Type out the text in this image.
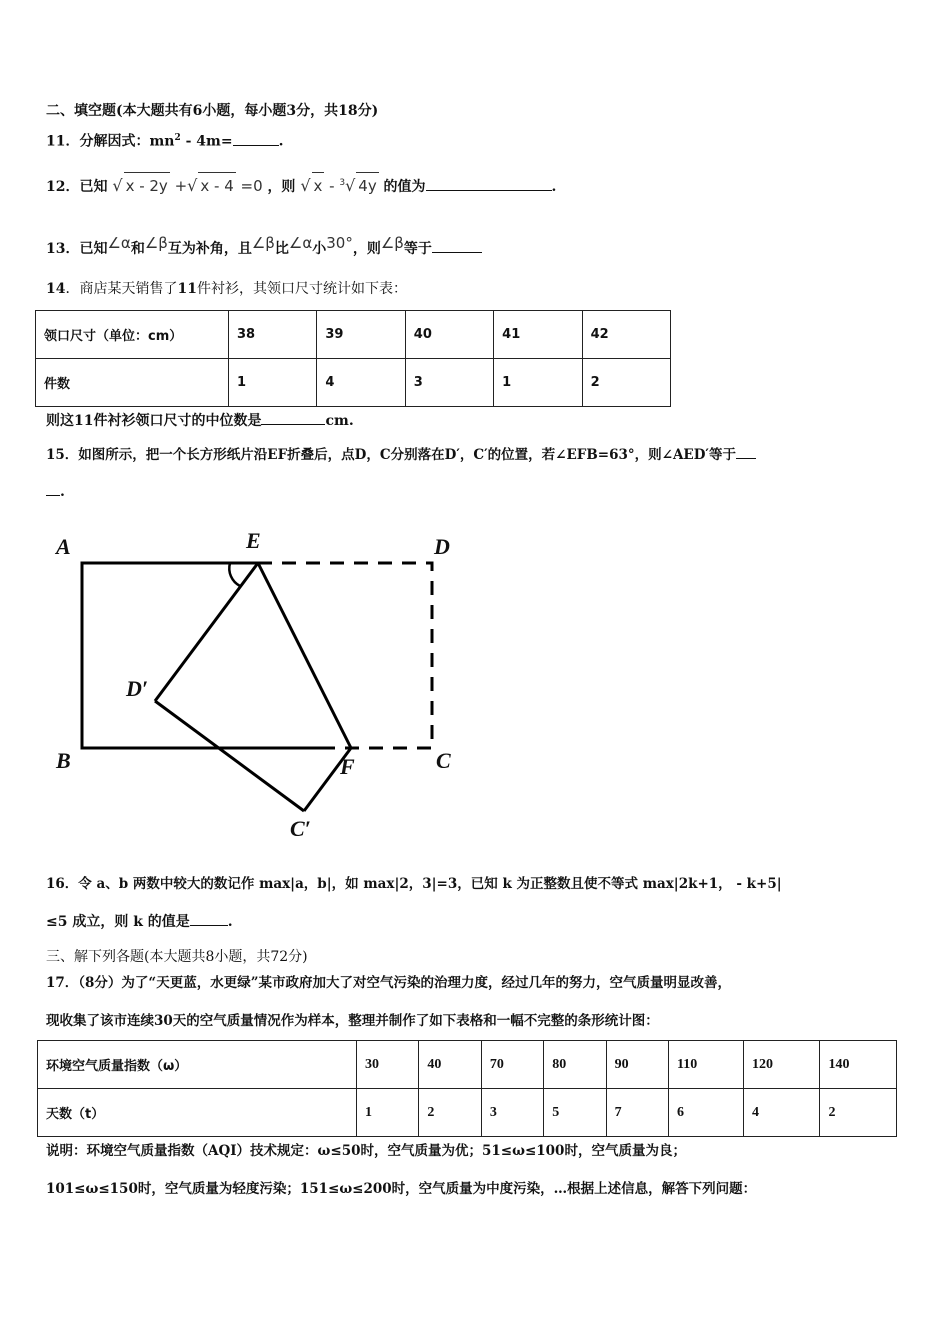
二、填空题(本大题共有6小题，每小题3分，共18分)
11．分解因式：$mn^2 - 4m=$	.
12．已知 √ x - 2y +√ x - 4 =0 ，则 √ x - $^3$√ 4y 的值为	.
13．已知∠α和∠β互为补角，且∠β比∠α小30°，则∠β等于
14．商店某天销售了11件衬衫，其领口尺寸统计如下表：
领口尺寸（单位：cm）	38	39	40	41	42
件数	1	4	3	1	2
则这11件衬衫领口尺寸的中位数是	cm.
15．如图所示，把一个长方形纸片沿EF折叠后，点D，C分别落在D′，C′的位置，若∠EFB=63°，则∠AED′等于
.
A	E	D
D′
B	F	C
C′
16．令 a、b 两数中较大的数记作 max|a，b|，如 max|2，3|=3，已知 k 为正整数且使不等式 max|2k+1， - k+5|
≤5 成立，则 k 的值是	.
三、解下列各题(本大题共8小题，共72分)
17．（8分）为了“天更蓝，水更绿”某市政府加大了对空气污染的治理力度，经过几年的努力，空气质量明显改善，
现收集了该市连续30天的空气质量情况作为样本，整理并制作了如下表格和一幅不完整的条形统计图：
环境空气质量指数（ω）	30	40	70	80	90	110	120	140
天数（t）	1	2	3	5	7	6	4	2
说明：环境空气质量指数（AQI）技术规定：ω≤50时，空气质量为优；51≤ω≤100时，空气质量为良；
101≤ω≤150时，空气质量为轻度污染；151≤ω≤200时，空气质量为中度污染，…根据上述信息，解答下列问题：
